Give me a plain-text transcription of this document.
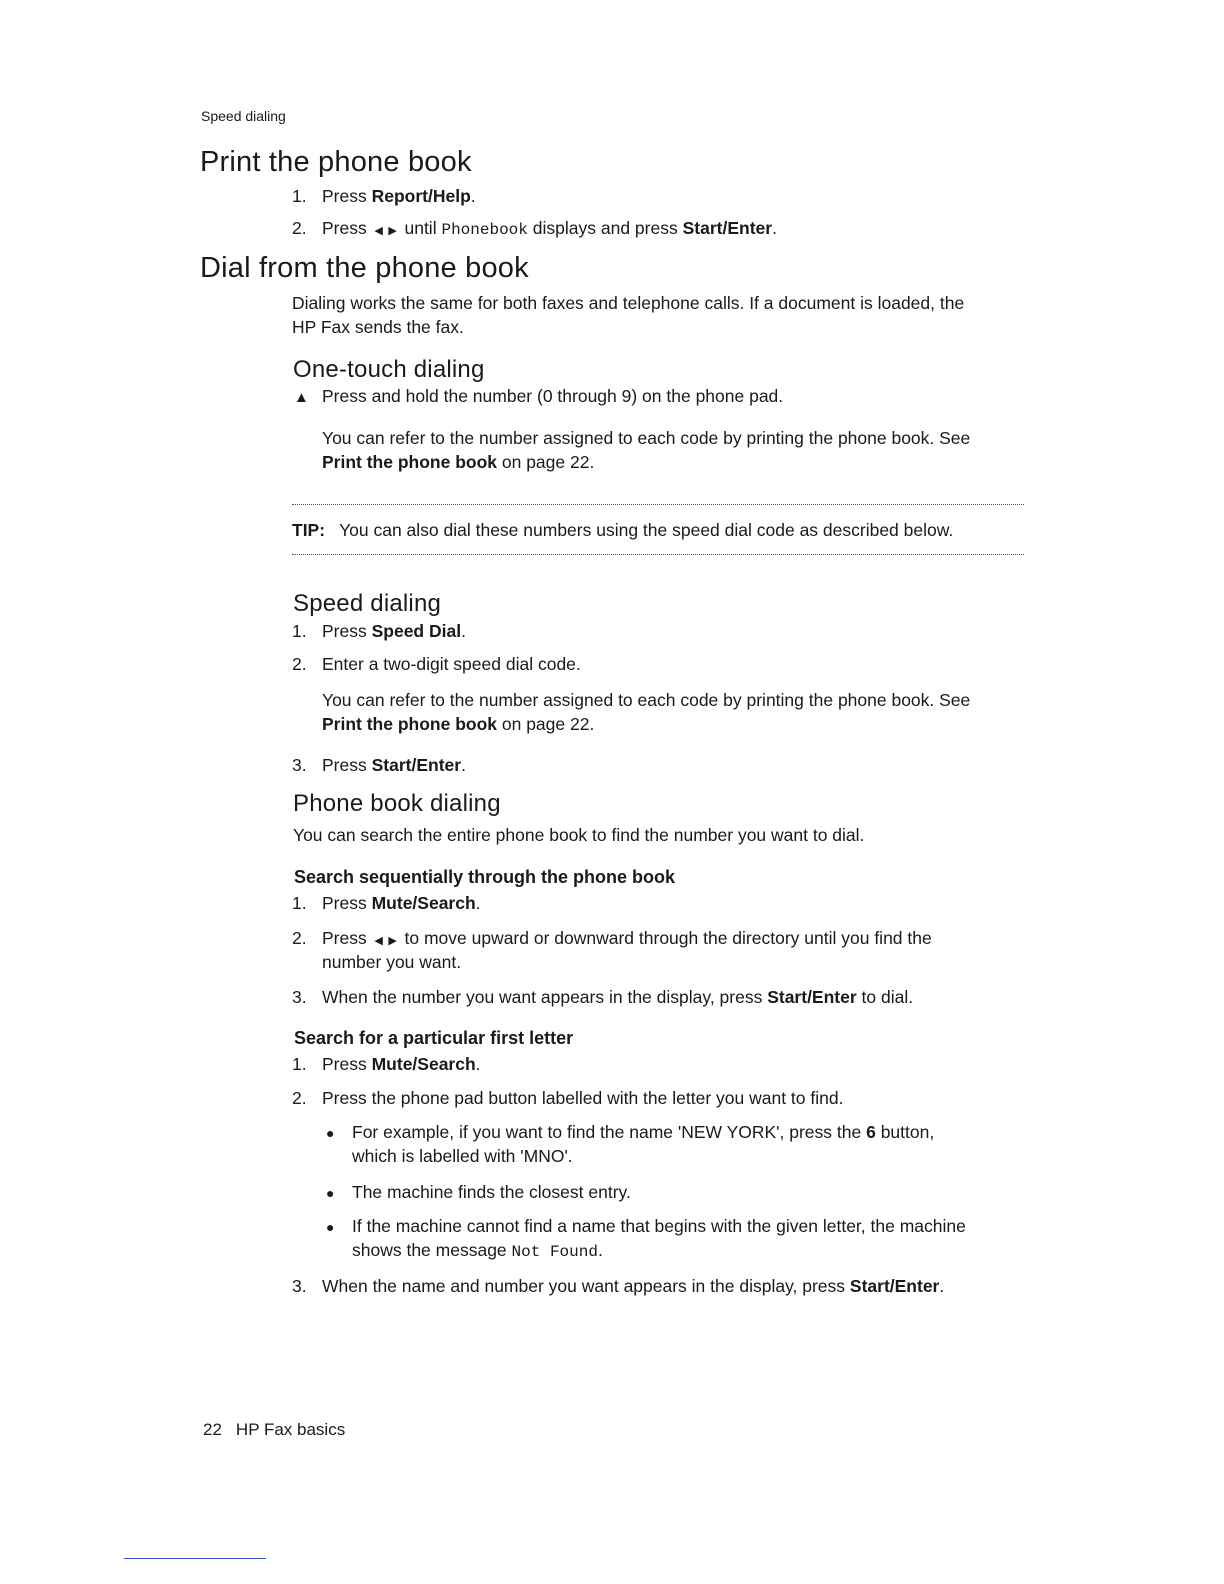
Speed dialing
Print the phone book
1. Press Report/Help.
2. Press ◀ ▶ until Phonebook displays and press Start/Enter.
Dial from the phone book
Dialing works the same for both faxes and telephone calls. If a document is loaded, the
HP Fax sends the fax.
One-touch dialing
▲ Press and hold the number (0 through 9) on the phone pad.
You can refer to the number assigned to each code by printing the phone book. See
Print the phone book on page 22.
TIP: You can also dial these numbers using the speed dial code as described below.
Speed dialing
1. Press Speed Dial.
2. Enter a two-digit speed dial code.
You can refer to the number assigned to each code by printing the phone book. See
Print the phone book on page 22.
3. Press Start/Enter.
Phone book dialing
You can search the entire phone book to find the number you want to dial.
Search sequentially through the phone book
1. Press Mute/Search.
2. Press ◀ ▶ to move upward or downward through the directory until you find the
number you want.
3. When the number you want appears in the display, press Start/Enter to dial.
Search for a particular first letter
1. Press Mute/Search.
2. Press the phone pad button labelled with the letter you want to find.
● For example, if you want to find the name 'NEW YORK', press the 6 button,
which is labelled with 'MNO'.
● The machine finds the closest entry.
● If the machine cannot find a name that begins with the given letter, the machine
shows the message Not Found.
3. When the name and number you want appears in the display, press Start/Enter.
22 HP Fax basics
